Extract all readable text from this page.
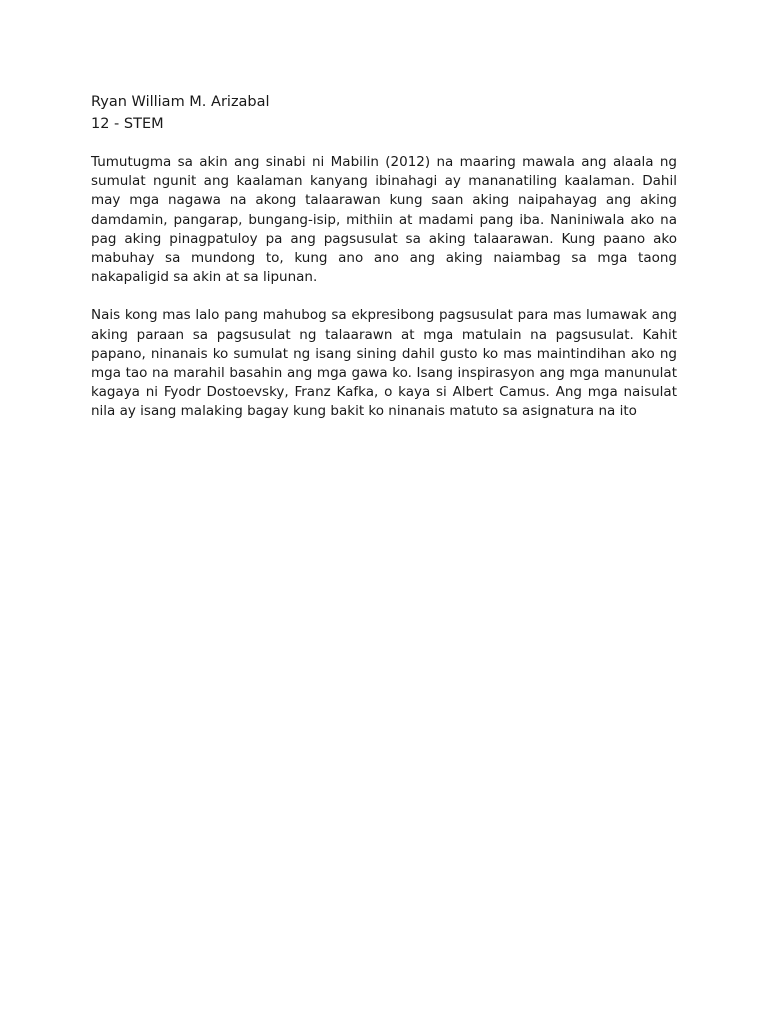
Ryan William M. Arizabal

12 - STEM

Tumutugma sa akin ang sinabi ni Mabilin (2012) na maaring mawala ang alaala ng sumulat ngunit ang kaalaman kanyang ibinahagi ay mananatiling kaalaman. Dahil may mga nagawa na akong talaarawan kung saan aking naipahayag ang aking damdamin, pangarap, bungang-isip, mithiin at madami pang iba. Naniniwala ako na pag aking pinagpatuloy pa ang pagsusulat sa aking talaarawan. Kung paano ako mabuhay sa mundong to, kung ano ano ang aking naiambag sa mga taong nakapaligid sa akin at sa lipunan.

Nais kong mas lalo pang mahubog sa ekpresibong pagsusulat para mas lumawak ang aking paraan sa pagsusulat ng talaarawn at mga matulain na pagsusulat. Kahit papano, ninanais ko sumulat ng isang sining dahil gusto ko mas maintindihan ako ng mga tao na marahil basahin ang mga gawa ko. Isang inspirasyon ang mga manunulat kagaya ni Fyodr Dostoevsky, Franz Kafka, o kaya si Albert Camus. Ang mga naisulat nila ay isang malaking bagay kung bakit ko ninanais matuto sa asignatura na ito
